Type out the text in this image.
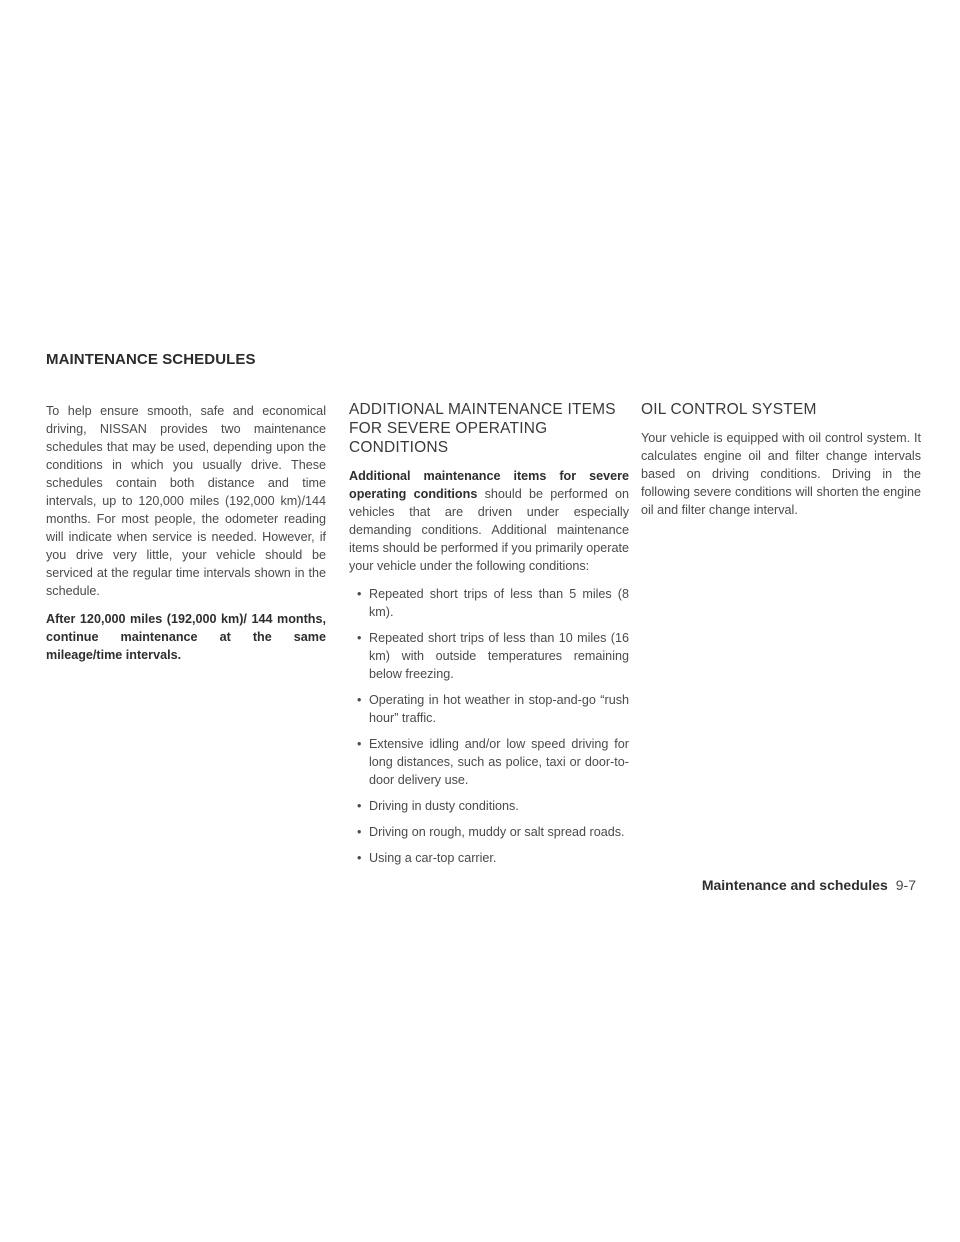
MAINTENANCE SCHEDULES

To help ensure smooth, safe and economical driving, NISSAN provides two maintenance schedules that may be used, depending upon the conditions in which you usually drive. These schedules contain both distance and time intervals, up to 120,000 miles (192,000 km)/144 months. For most people, the odometer reading will indicate when service is needed. However, if you drive very little, your vehicle should be serviced at the regular time intervals shown in the schedule.

After 120,000 miles (192,000 km)/ 144 months, continue maintenance at the same mileage/time intervals.

ADDITIONAL MAINTENANCE ITEMS FOR SEVERE OPERATING CONDITIONS

Additional maintenance items for severe operating conditions should be performed on vehicles that are driven under especially demanding conditions. Additional maintenance items should be performed if you primarily operate your vehicle under the following conditions:

• Repeated short trips of less than 5 miles (8 km).
• Repeated short trips of less than 10 miles (16 km) with outside temperatures remaining below freezing.
• Operating in hot weather in stop-and-go “rush hour” traffic.
• Extensive idling and/or low speed driving for long distances, such as police, taxi or door-to-door delivery use.
• Driving in dusty conditions.
• Driving on rough, muddy or salt spread roads.
• Using a car-top carrier.
OIL CONTROL SYSTEM

Your vehicle is equipped with oil control system. It calculates engine oil and filter change intervals based on driving conditions. Driving in the following severe conditions will shorten the engine oil and filter change interval.

Maintenance and schedules 9-7
